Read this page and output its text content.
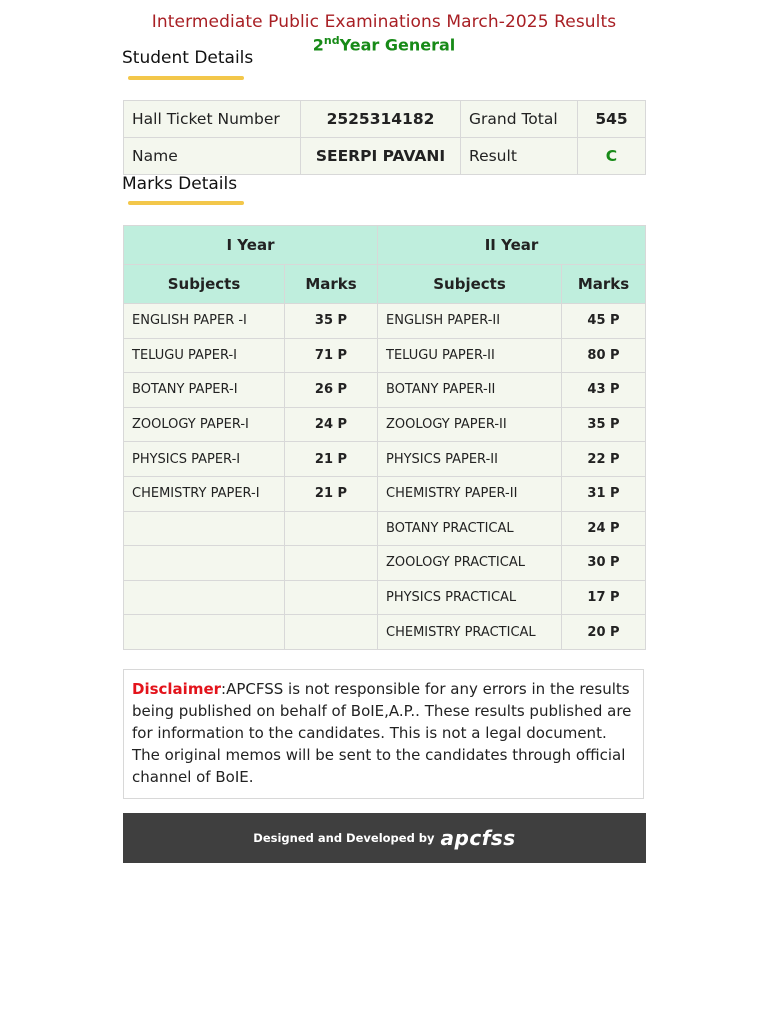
Intermediate Public Examinations March-2025 Results
2ndYear General
Student Details
Hall Ticket Number	2525314182	Grand Total	545
Name	SEERPI PAVANI	Result	C
Marks Details
I Year		II Year	
Subjects	Marks	Subjects	Marks
ENGLISH PAPER -I	35 P	ENGLISH PAPER-II	45 P
TELUGU PAPER-I	71 P	TELUGU PAPER-II	80 P
BOTANY PAPER-I	26 P	BOTANY PAPER-II	43 P
ZOOLOGY PAPER-I	24 P	ZOOLOGY PAPER-II	35 P
PHYSICS PAPER-I	21 P	PHYSICS PAPER-II	22 P
CHEMISTRY PAPER-I	21 P	CHEMISTRY PAPER-II	31 P
		BOTANY PRACTICAL	24 P
		ZOOLOGY PRACTICAL	30 P
		PHYSICS PRACTICAL	17 P
		CHEMISTRY PRACTICAL	20 P
Disclaimer:APCFSS is not responsible for any errors in the results being published on behalf of BoIE,A.P.. These results published are for information to the candidates. This is not a legal document. The original memos will be sent to the candidates through official channel of BoIE.
Designed and Developed by apcfss
